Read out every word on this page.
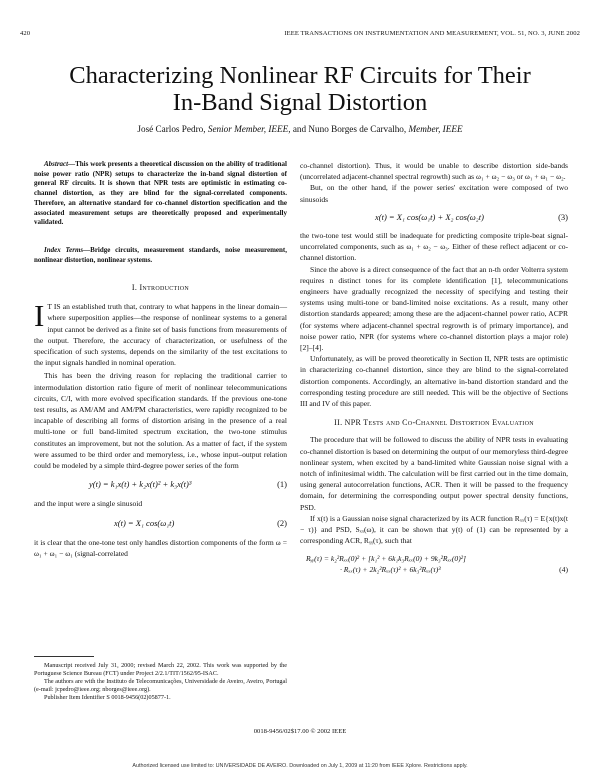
420	IEEE TRANSACTIONS ON INSTRUMENTATION AND MEASUREMENT, VOL. 51, NO. 3, JUNE 2002
Characterizing Nonlinear RF Circuits for Their
In-Band Signal Distortion
José Carlos Pedro, Senior Member, IEEE, and Nuno Borges de Carvalho, Member, IEEE

Abstract—This work presents a theoretical discussion on the ability of traditional noise power ratio (NPR) setups to characterize the in-band signal distortion of general RF circuits. It is shown that NPR tests are optimistic in estimating co-channel distortion, as they are blind for the signal-correlated components. Therefore, an alternative standard for co-channel distortion specification and the associated measurement setups are theoretically proposed and experimentally validated.

Index Terms—Bridge circuits, measurement standards, noise measurement, nonlinear distortion, nonlinear systems.

I. Introduction

I T IS an established truth that, contrary to what happens in the linear domain—where superposition applies—the response of nonlinear systems to a general input cannot be derived as a finite set of basis functions from measurements of the output. Therefore, the accuracy of characterization, or usefulness of the specification of such systems, depends on the similarity of the test excitations to the input signals handled in nominal operation.

This has been the driving reason for replacing the traditional carrier to intermodulation distortion ratio figure of merit of nonlinear telecommunications circuits, C/I, with more evolved specification standards. If the previous one-tone test results, as AM/AM and AM/PM characteristics, were rapidly recognized to be incapable of describing all forms of distortion arising in the presence of a real multi-tone or full band-limited spectrum excitation, the two-tone stimulus constitutes an improvement, but not the solution. As a matter of fact, if the system were assumed to be third order and memoryless, i.e., whose input–output relation could be modeled by a simple third-degree power series of the form

y(t) = k₁x(t) + k₂x(t)² + k₃x(t)³	(1)

and the input were a single sinusoid

x(t) = X₁ cos(ω₁t)	(2)

it is clear that the one-tone test only handles distortion components of the form ω = ω₁ + ω₁ − ω₁ (signal-correlated

Manuscript received July 31, 2000; revised March 22, 2002. This work was supported by the Portuguese Science Bureau (FCT) under Project 2/2.1/TIT/1562/95-ISAC.

The authors are with the Instituto de Telecomunicações, Universidade de Aveiro, Aveiro, Portugal (e-mail: jcpedro@ieee.org; nborges@ieee.org).

Publisher Item Identifier S 0018-9456(02)05877-1.

co-channel distortion). Thus, it would be unable to describe distortion side-bands (uncorrelated adjacent-channel spectral regrowth) such as ω₁ + ω₂ − ω₃ or ω₁ + ω₁ − ω₂.

But, on the other hand, if the power series' excitation were composed of two sinusoids

x(t) = X₁ cos(ω₁t) + X₂ cos(ω₂t)	(3)

the two-tone test would still be inadequate for predicting composite triple-beat signal-uncorrelated components, such as ω₁ + ω₂ − ω₃. Either of these reflect adjacent or co-channel distortion.

Since the above is a direct consequence of the fact that an n-th order Volterra system requires n distinct tones for its complete identification [1], telecommunications engineers have gradually recognized the necessity of specifying and testing their systems using multi-tone or band-limited noise excitations. As a result, many other distortion standards appeared; among these are the adjacent-channel power ratio, ACPR (for systems where adjacent-channel spectral regrowth is of primary importance), and noise power ratio, NPR (for systems where co-channel distortion plays a major role) [2]–[4].

Unfortunately, as will be proved theoretically in Section II, NPR tests are optimistic in characterizing co-channel distortion, since they are blind to the signal-correlated distortion components. Accordingly, an alternative in-band distortion standard and the corresponding testing procedure are still needed. This will be the objective of Sections III and IV of this paper.

II. NPR Tests and Co-Channel Distortion Evaluation

The procedure that will be followed to discuss the ability of NPR tests in evaluating co-channel distortion is based on determining the output of our memoryless third-degree nonlinear system, when excited by a band-limited white Gaussian noise signal with a notch of infinitesimal width. The calculation will be first carried out in the time domain, using general autocorrelation functions, ACR. Then it will be passed to the frequency domain, for determining the corresponding output power spectral density functions, PSD.

If x(t) is a Gaussian noise signal characterized by its ACR function Rₓₓ(τ) = E{x(t)x(t − τ)} and PSD, Sₓₓ(ω), it can be shown that y(t) of (1) can be represented by a corresponding ACR, Rᵧᵧ(τ), such that

Rᵧᵧ(τ) = k₂²Rₓₓ(0)² + [k₁² + 6k₁k₃Rₓₓ(0) + 9k₃²Rₓₓ(0)²]
· Rₓₓ(τ) + 2k₂²Rₓₓ(τ)² + 6k₃²Rₓₓ(τ)³	(4)
0018-9456/02$17.00 © 2002 IEEE
Authorized licensed use limited to: UNIVERSIDADE DE AVEIRO. Downloaded on July 1, 2009 at 11:20 from IEEE Xplore. Restrictions apply.
